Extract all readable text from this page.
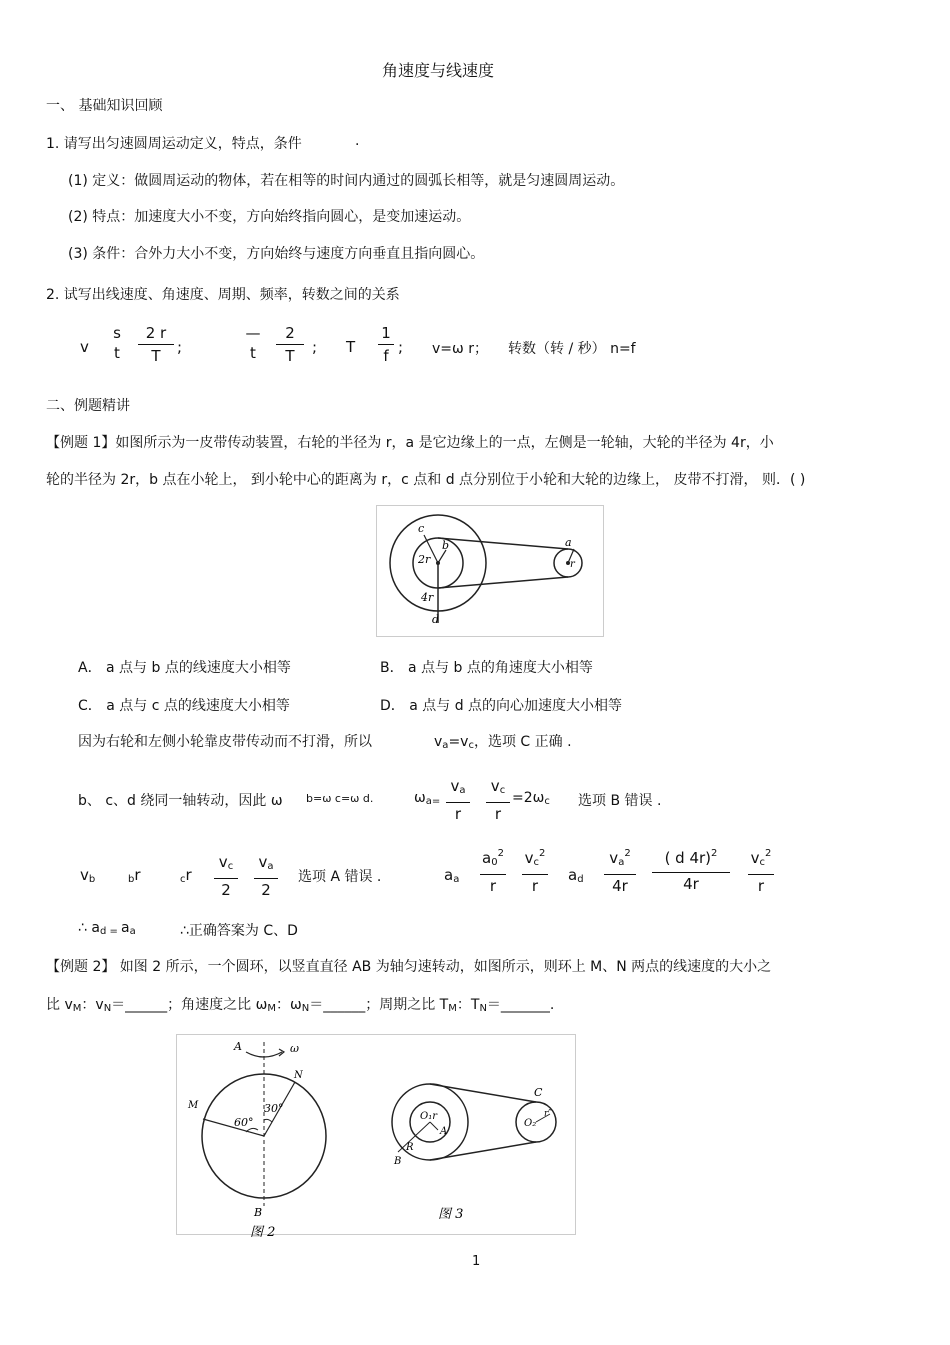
角速度与线速度
一、 基础知识回顾
1. 请写出匀速圆周运动定义，特点，条件	.
(1) 定义：做圆周运动的物体，若在相等的时间内通过的圆弧长相等，就是匀速圆周运动。
(2) 特点：加速度大小不变，方向始终指向圆心，是变加速运动。
(3) 条件：合外力大小不变，方向始终与速度方向垂直且指向圆心。
2. 试写出线速度、角速度、周期、频率，转数之间的关系
v
s
t
2 r
T	;
—
t
2
T	; T
1
f ; v=ω r； 转数（转 / 秒） n=f
二、例题精讲
【例题 1】如图所示为一皮带传动装置，右轮的半径为 r，a 是它边缘上的一点，左侧是一轮轴，大轮的半径为 4r，小
轮的半径为 2r，b 点在小轮上， 到小轮中心的距离为 r，c 点和 d 点分别位于小轮和大轮的边缘上， 皮带不打滑， 则．( )
c
b
2r
4r
d
a
r
A． a 点与 b 点的线速度大小相等	B． a 点与 b 点的角速度大小相等
C． a 点与 c 点的线速度大小相等	D． a 点与 d 点的向心加速度大小相等
因为右轮和左侧小轮靠皮带传动而不打滑，所以	$v_a=v_c$，选项 C 正确 .
b、 c、d 绕同一轴转动，因此 ω b=ω c=ω d.	$\omega_{a=}$
$v_a$
r
$v_c$
r
$=2\omega_c$ 选项 B 错误 .
$v_b$	$_b$r	$_c$r
$v_c$
2
$v_a$
2
选项 A 错误 .	$a_a$
$a_0^2$
r
$v_c^2$
r
$a_d$
$v_a^2$
4r
( d 4r)$^2$
4r
$v_c^2$
r
∴ $a_{d =}$ $a_a$	∴正确答案为 C、D
【例题 2】 如图 2 所示，一个圆环，以竖直直径 AB 为轴匀速转动，如图所示，则环上 M、N 两点的线速度的大小之
比 $v_M$：$v_N=\_\_\_\_\_\_$；角速度之比 $\omega_M$：$\omega_N=\_\_\_\_\_\_$；周期之比 $T_M$：$T_N=\_\_\_\_\_\_\_$.
A	ω
N
M
60°
30°
B
图 2
O₁r
A
R
B
C
O₂
r″
图 3
1
